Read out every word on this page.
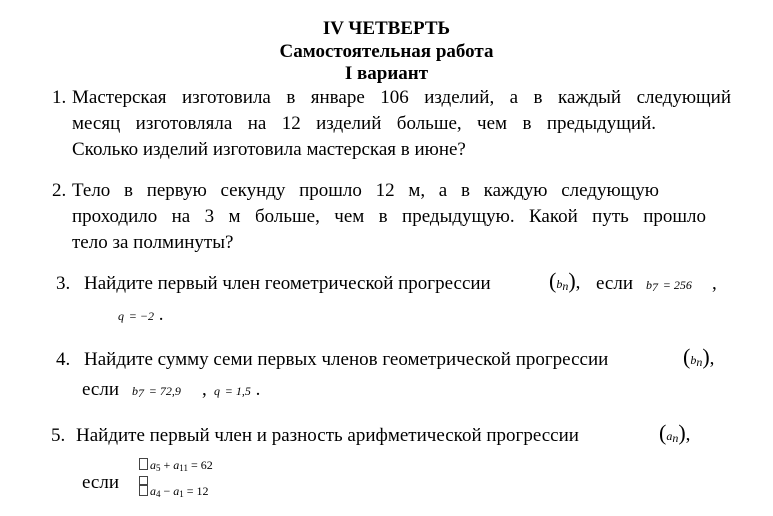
IV ЧЕТВЕРТЬ
Самостоятельная работа
I вариант
1. Мастерская изготовила в январе 106 изделий, а в каждый следующий
месяц изготовляла на 12 изделий больше, чем в предыдущий.
Сколько изделий изготовила мастерская в июне?
2. Тело в первую секунду прошло 12 м, а в каждую следующую
проходило на 3 м больше, чем в предыдущую. Какой путь прошло
тело за полминуты?
3. Найдите первый член геометрической прогрессии	$(b_n)$, если $b_7 = 256$ ,
q = −2 .
4. Найдите сумму семи первых членов геометрической прогрессии	$(b_n)$,
если $b_7 = 72,9$ , q = 1,5 .
5. Найдите первый член и разность арифметической прогрессии	$(a_n)$,
если
$a_5 + a_{11} = 62$
$a_4 - a_1 = 12$
